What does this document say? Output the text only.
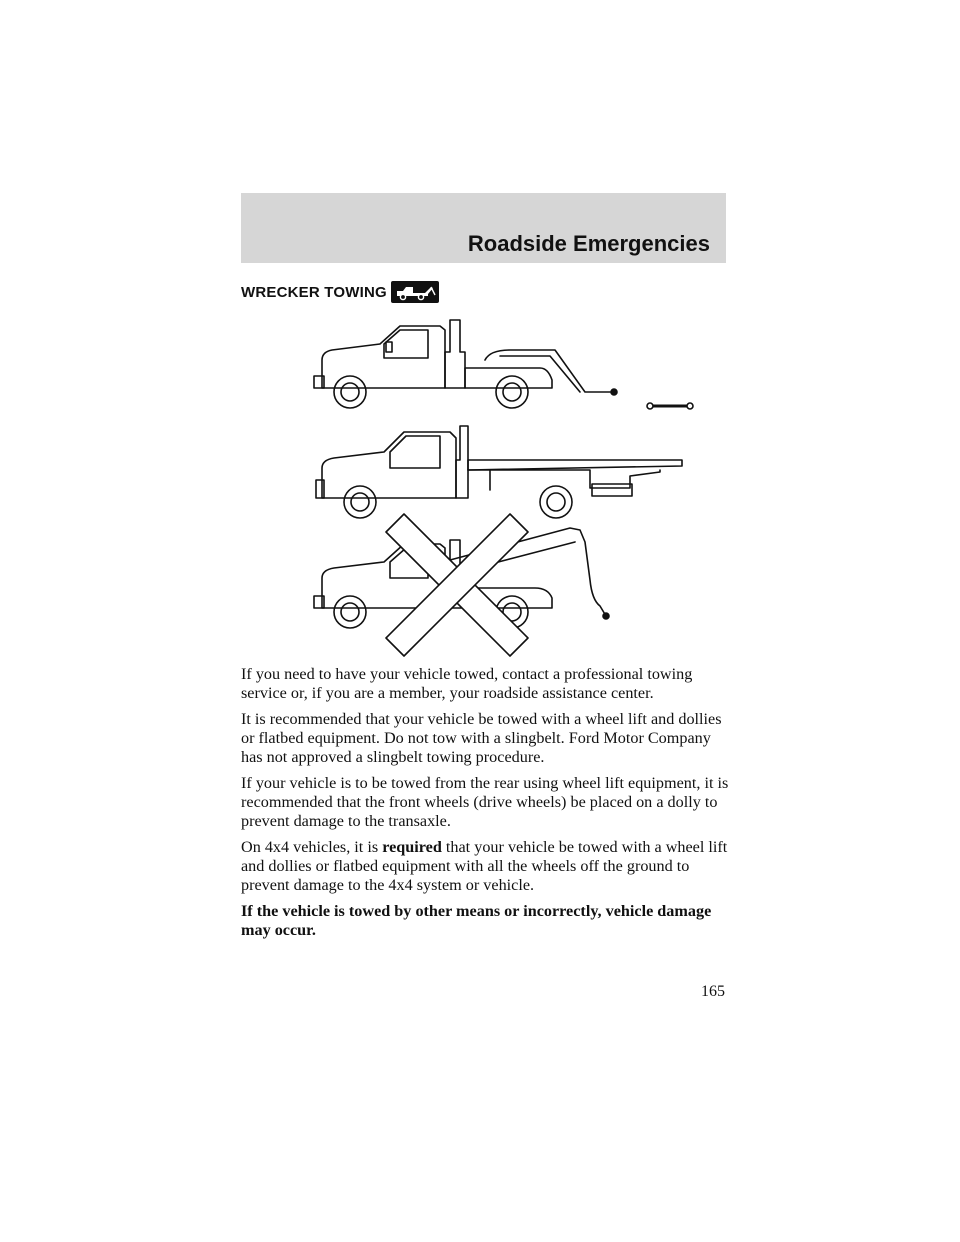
Roadside Emergencies
WRECKER TOWING

If you need to have your vehicle towed, contact a professional towing service or, if you are a member, your roadside assistance center.

It is recommended that your vehicle be towed with a wheel lift and dollies or flatbed equipment. Do not tow with a slingbelt. Ford Motor Company has not approved a slingbelt towing procedure.

If your vehicle is to be towed from the rear using wheel lift equipment, it is recommended that the front wheels (drive wheels) be placed on a dolly to prevent damage to the transaxle.

On 4x4 vehicles, it is required that your vehicle be towed with a wheel lift and dollies or flatbed equipment with all the wheels off the ground to prevent damage to the 4x4 system or vehicle.

If the vehicle is towed by other means or incorrectly, vehicle damage may occur.

165
